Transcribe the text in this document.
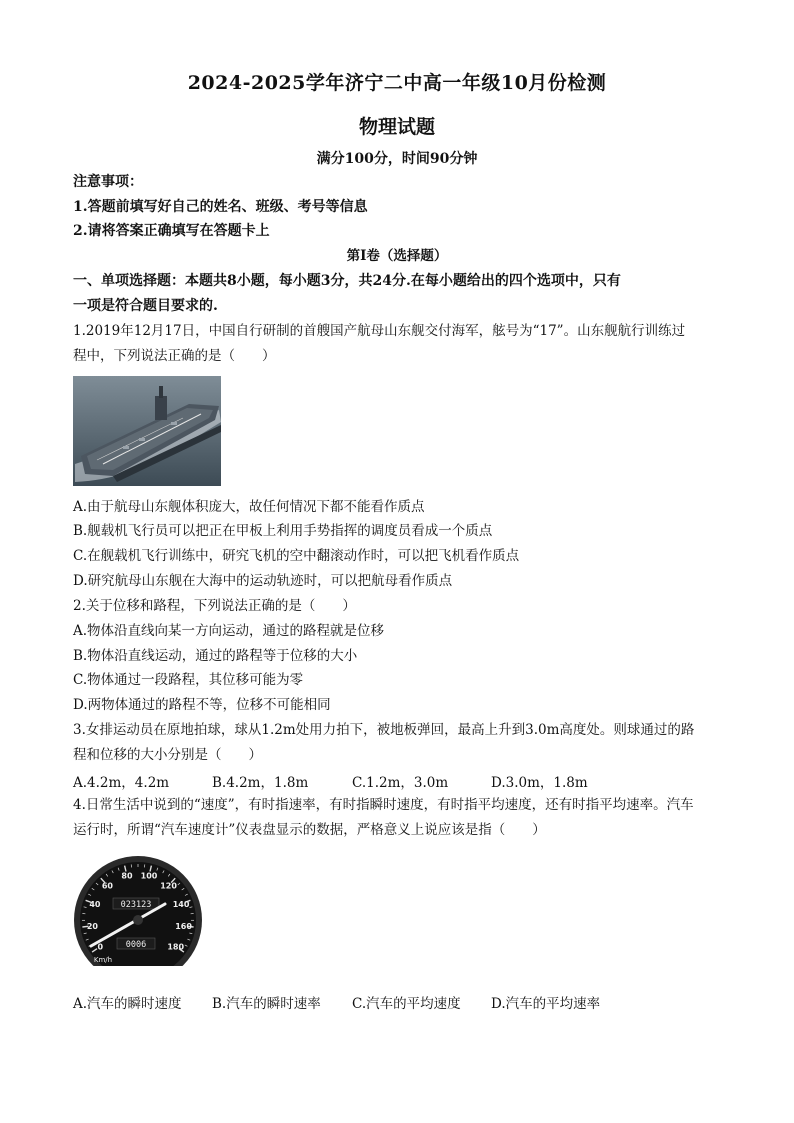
2024-2025学年济宁二中高一年级10月份检测
物理试题
满分100分，时间90分钟
注意事项：
1.答题前填写好自己的姓名、班级、考号等信息
2.请将答案正确填写在答题卡上
第I卷（选择题）
一、单项选择题：本题共8小题，每小题3分，共24分.在每小题给出的四个选项中，只有
一项是符合题目要求的.
1.2019年12月17日，中国自行研制的首艘国产航母山东舰交付海军，舷号为“17”。山东舰航行训练过
程中，下列说法正确的是（　　）
A.由于航母山东舰体积庞大，故任何情况下都不能看作质点
B.舰载机飞行员可以把正在甲板上利用手势指挥的调度员看成一个质点
C.在舰载机飞行训练中，研究飞机的空中翻滚动作时，可以把飞机看作质点
D.研究航母山东舰在大海中的运动轨迹时，可以把航母看作质点
2.关于位移和路程，下列说法正确的是（　　）
A.物体沿直线向某一方向运动，通过的路程就是位移
B.物体沿直线运动，通过的路程等于位移的大小
C.物体通过一段路程，其位移可能为零
D.两物体通过的路程不等，位移不可能相同
3.女排运动员在原地拍球，球从1.2m处用力拍下，被地板弹回，最高上升到3.0m高度处。则球通过的路
程和位移的大小分别是（　　）
A.4.2m，4.2m	B.4.2m，1.8m	C.1.2m，3.0m	D.3.0m，1.8m
4.日常生活中说到的“速度”，有时指速率，有时指瞬时速度，有时指平均速度，还有时指平均速率。汽车
运行时，所谓“汽车速度计”仪表盘显示的数据，严格意义上说应该是指（　　）
0
20
40
60
80 100
120
140
160
180
023123
0006
Km/h
A.汽车的瞬时速度 B.汽车的瞬时速率 C.汽车的平均速度 D.汽车的平均速率
